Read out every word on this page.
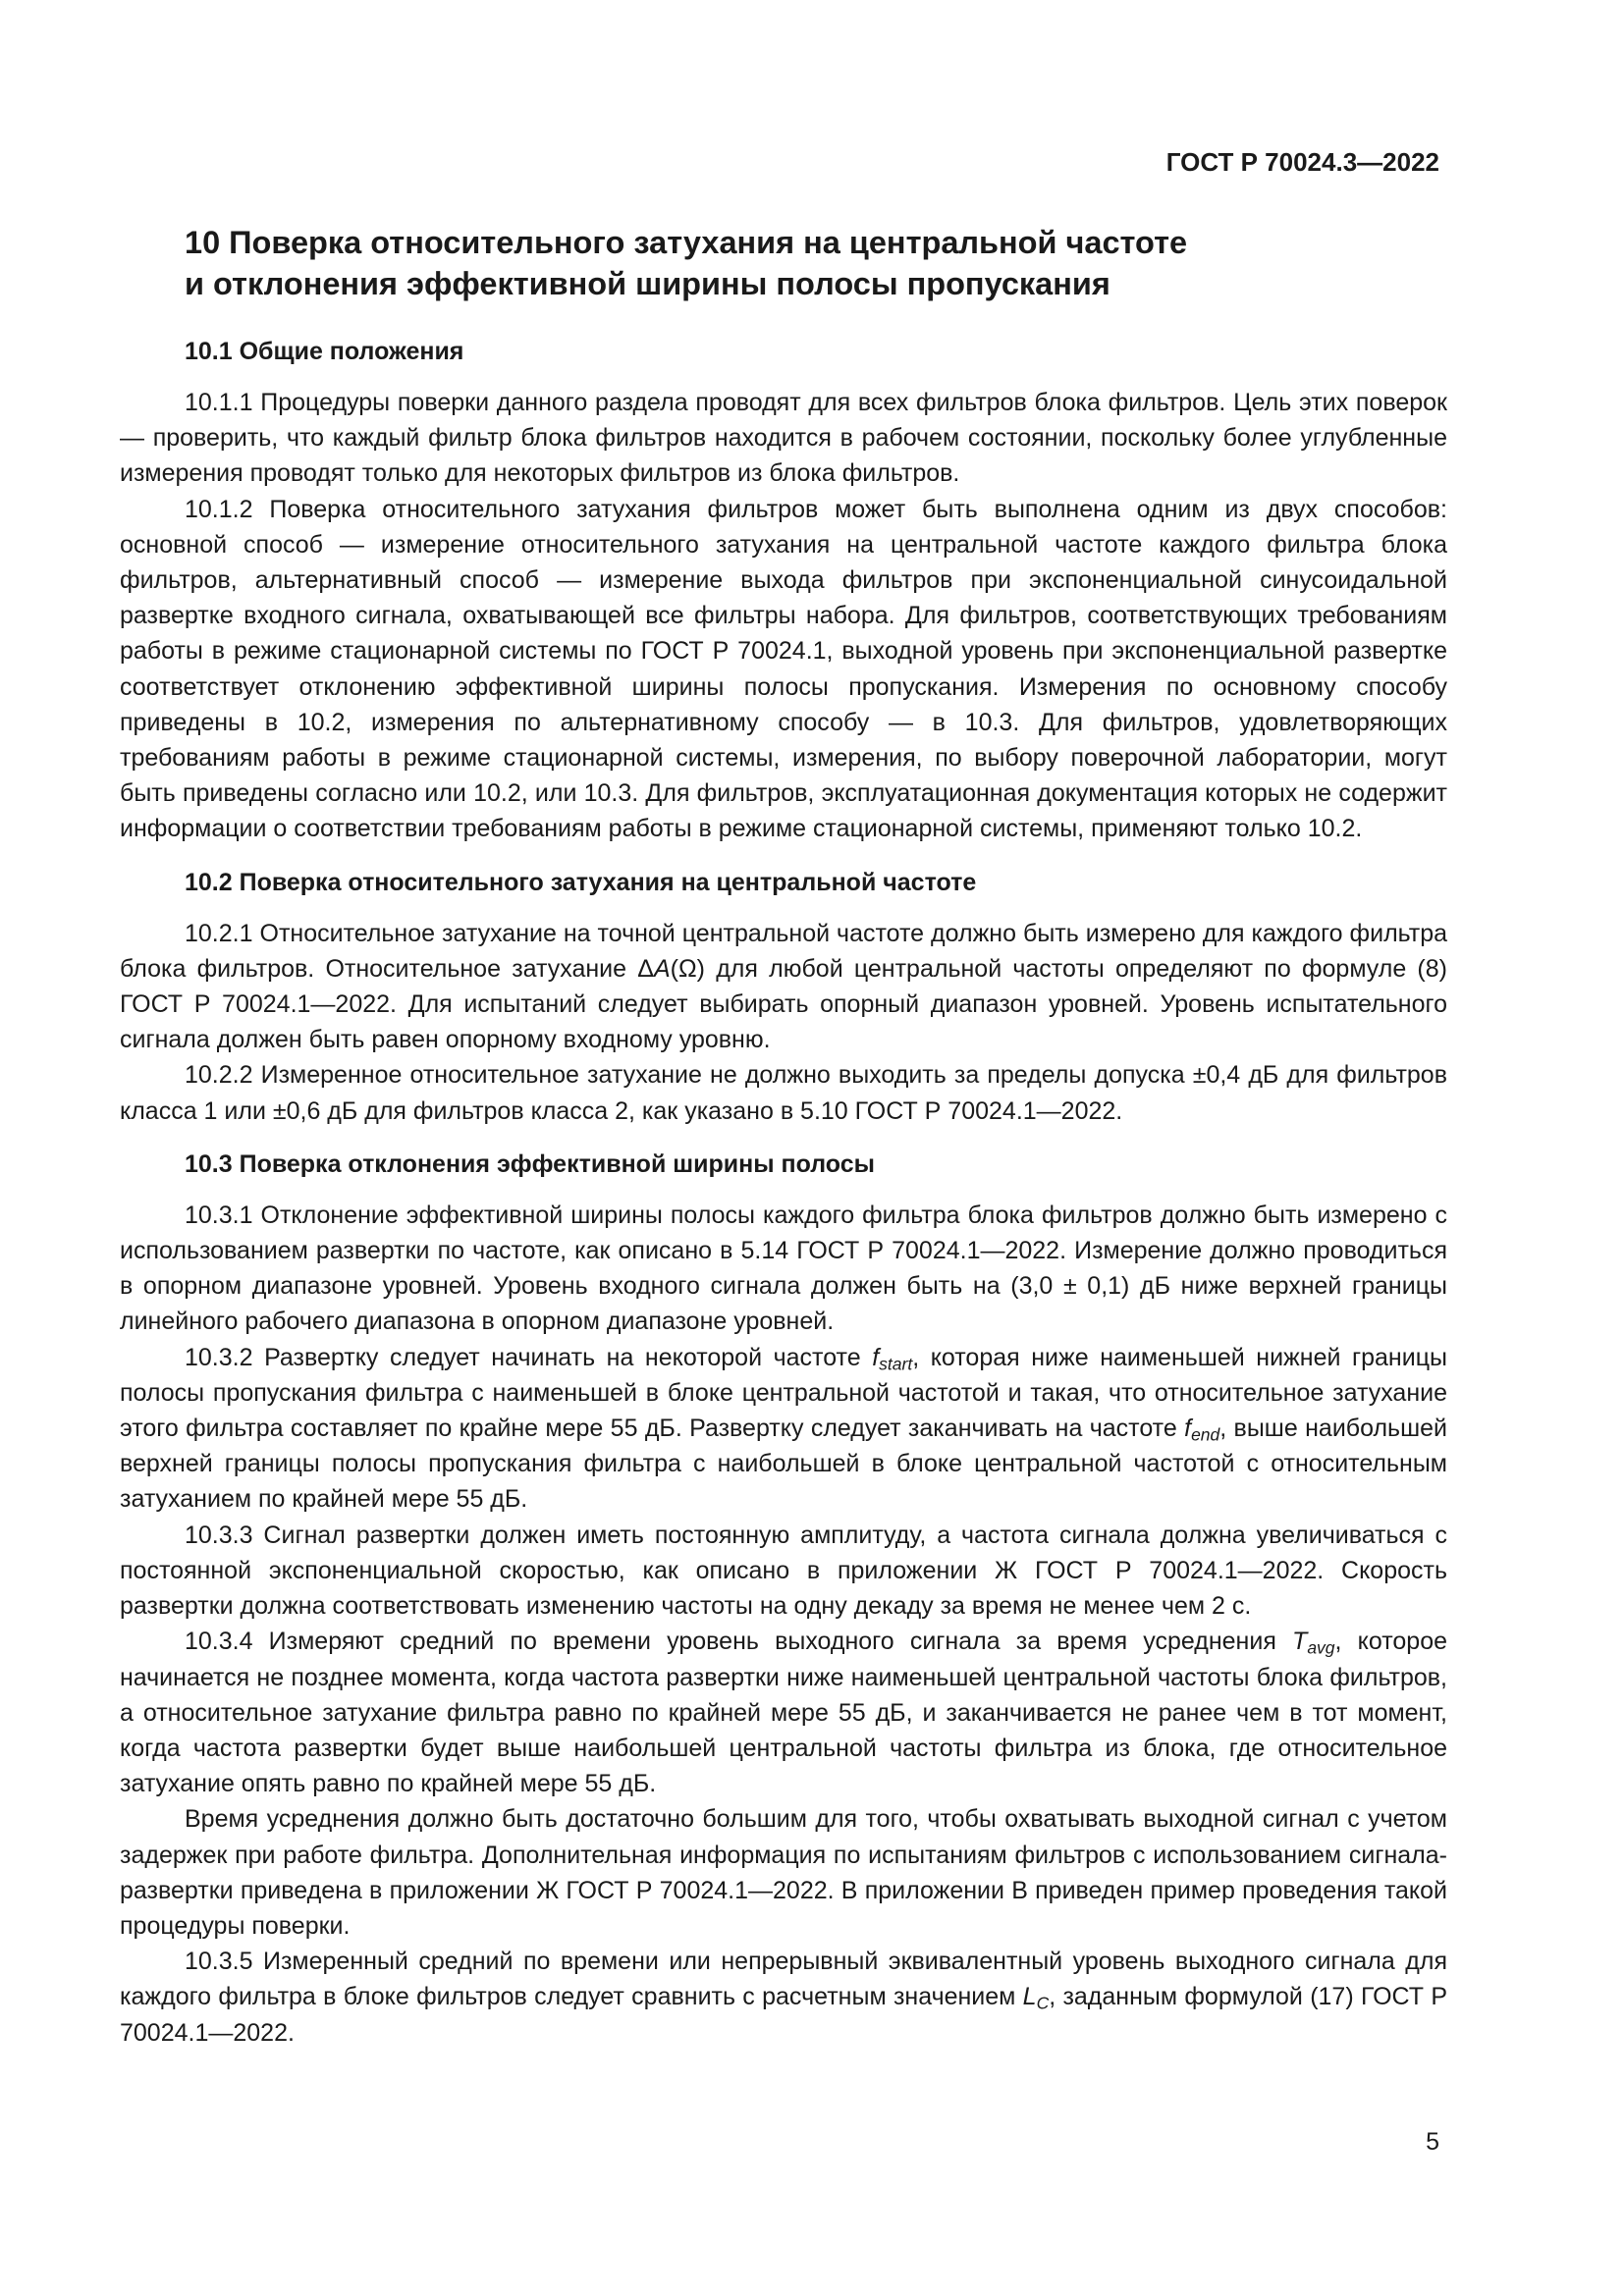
ГОСТ Р 70024.3—2022
10 Поверка относительного затухания на центральной частоте
и отклонения эффективной ширины полосы пропускания
10.1 Общие положения

10.1.1 Процедуры поверки данного раздела проводят для всех фильтров блока фильтров. Цель этих поверок — проверить, что каждый фильтр блока фильтров находится в рабочем состоянии, поскольку более углубленные измерения проводят только для некоторых фильтров из блока фильтров.

10.1.2 Поверка относительного затухания фильтров может быть выполнена одним из двух способов: основной способ — измерение относительного затухания на центральной частоте каждого фильтра блока фильтров, альтернативный способ — измерение выхода фильтров при экспоненциальной синусоидальной развертке входного сигнала, охватывающей все фильтры набора. Для фильтров, соответствующих требованиям работы в режиме стационарной системы по ГОСТ Р 70024.1, выходной уровень при экспоненциальной развертке соответствует отклонению эффективной ширины полосы пропускания. Измерения по основному способу приведены в 10.2, измерения по альтернативному способу — в 10.3. Для фильтров, удовлетворяющих требованиям работы в режиме стационарной системы, измерения, по выбору поверочной лаборатории, могут быть приведены согласно или 10.2, или 10.3. Для фильтров, эксплуатационная документация которых не содержит информации о соответствии требованиям работы в режиме стационарной системы, применяют только 10.2.

10.2 Поверка относительного затухания на центральной частоте

10.2.1 Относительное затухание на точной центральной частоте должно быть измерено для каждого фильтра блока фильтров. Относительное затухание ΔA(Ω) для любой центральной частоты определяют по формуле (8) ГОСТ Р 70024.1—2022. Для испытаний следует выбирать опорный диапазон уровней. Уровень испытательного сигнала должен быть равен опорному входному уровню.

10.2.2 Измеренное относительное затухание не должно выходить за пределы допуска ±0,4 дБ для фильтров класса 1 или ±0,6 дБ для фильтров класса 2, как указано в 5.10 ГОСТ Р 70024.1—2022.

10.3 Поверка отклонения эффективной ширины полосы

10.3.1 Отклонение эффективной ширины полосы каждого фильтра блока фильтров должно быть измерено с использованием развертки по частоте, как описано в 5.14 ГОСТ Р 70024.1—2022. Измерение должно проводиться в опорном диапазоне уровней. Уровень входного сигнала должен быть на (3,0 ± 0,1) дБ ниже верхней границы линейного рабочего диапазона в опорном диапазоне уровней.

10.3.2 Развертку следует начинать на некоторой частоте $f_{start}$, которая ниже наименьшей нижней границы полосы пропускания фильтра с наименьшей в блоке центральной частотой и такая, что относительное затухание этого фильтра составляет по крайне мере 55 дБ. Развертку следует заканчивать на частоте $f_{end}$, выше наибольшей верхней границы полосы пропускания фильтра с наибольшей в блоке центральной частотой с относительным затуханием по крайней мере 55 дБ.

10.3.3 Сигнал развертки должен иметь постоянную амплитуду, а частота сигнала должна увеличиваться с постоянной экспоненциальной скоростью, как описано в приложении Ж ГОСТ Р 70024.1—2022. Скорость развертки должна соответствовать изменению частоты на одну декаду за время не менее чем 2 с.

10.3.4 Измеряют средний по времени уровень выходного сигнала за время усреднения $T_{avg}$, которое начинается не позднее момента, когда частота развертки ниже наименьшей центральной частоты блока фильтров, а относительное затухание фильтра равно по крайней мере 55 дБ, и заканчивается не ранее чем в тот момент, когда частота развертки будет выше наибольшей центральной частоты фильтра из блока, где относительное затухание опять равно по крайней мере 55 дБ.

Время усреднения должно быть достаточно большим для того, чтобы охватывать выходной сигнал с учетом задержек при работе фильтра. Дополнительная информация по испытаниям фильтров с использованием сигнала-развертки приведена в приложении Ж ГОСТ Р 70024.1—2022. В приложении В приведен пример проведения такой процедуры поверки.

10.3.5 Измеренный средний по времени или непрерывный эквивалентный уровень выходного сигнала для каждого фильтра в блоке фильтров следует сравнить с расчетным значением $L_C$, заданным формулой (17) ГОСТ Р 70024.1—2022.

5
